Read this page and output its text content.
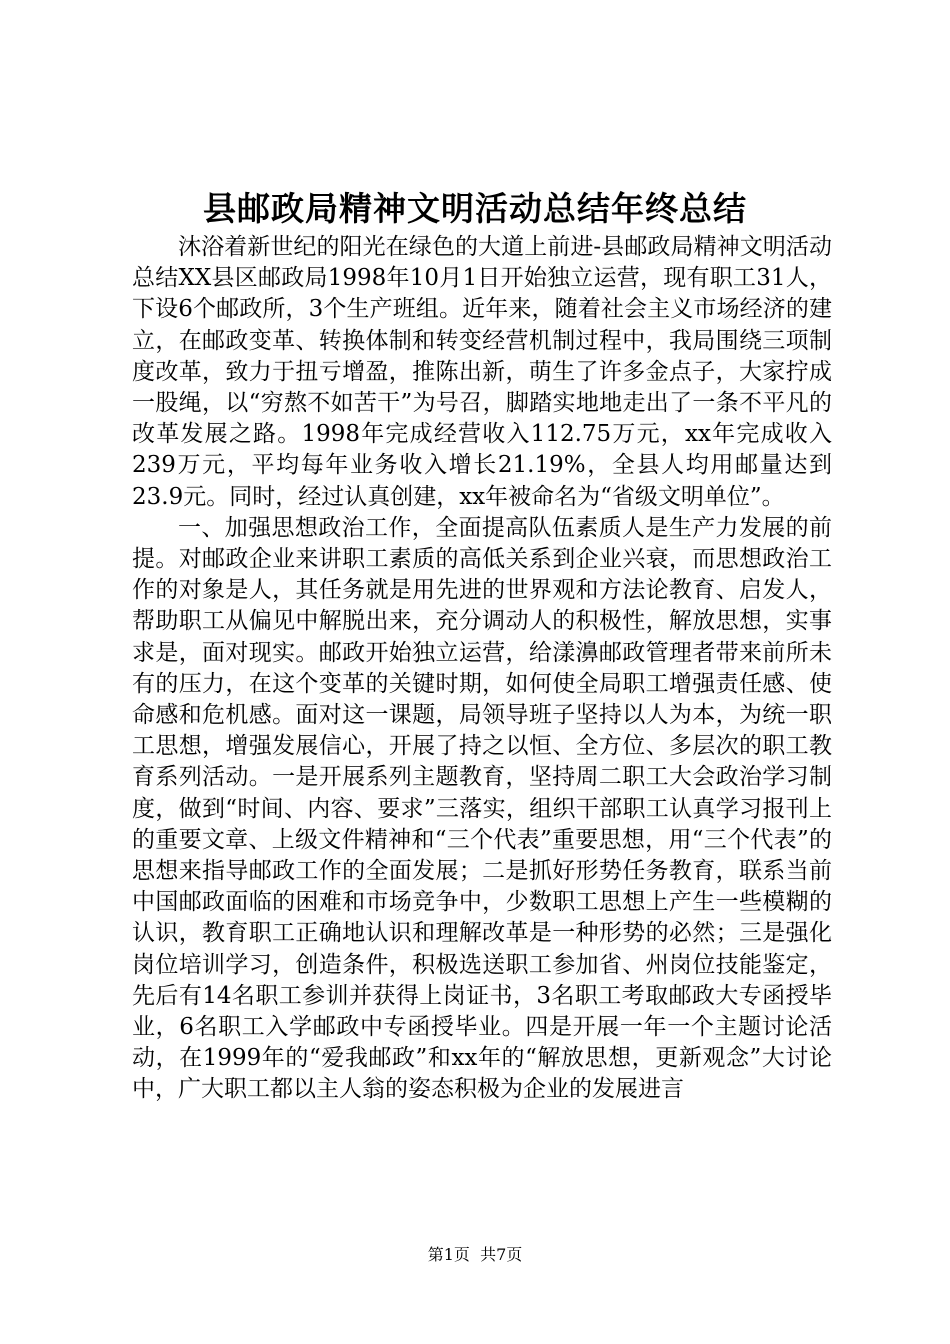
县邮政局精神文明活动总结年终总结

沐浴着新世纪的阳光在绿色的大道上前进-县邮政局精神文明活动总结XX县区邮政局1998年10月1日开始独立运营，现有职工31人，下设6个邮政所，3个生产班组。近年来，随着社会主义市场经济的建立，在邮政变革、转换体制和转变经营机制过程中，我局围绕三项制度改革，致力于扭亏增盈，推陈出新，萌生了许多金点子，大家拧成一股绳，以“穷熬不如苦干”为号召，脚踏实地地走出了一条不平凡的改革发展之路。1998年完成经营收入112.75万元，xx年完成收入239万元，平均每年业务收入增长21.19%，全县人均用邮量达到23.9元。同时，经过认真创建，xx年被命名为“省级文明单位”。

一、加强思想政治工作，全面提高队伍素质人是生产力发展的前提。对邮政企业来讲职工素质的高低关系到企业兴衰，而思想政治工作的对象是人，其任务就是用先进的世界观和方法论教育、启发人，帮助职工从偏见中解脱出来，充分调动人的积极性，解放思想，实事求是，面对现实。邮政开始独立运营，给漾濞邮政管理者带来前所未有的压力，在这个变革的关键时期，如何使全局职工增强责任感、使命感和危机感。面对这一课题，局领导班子坚持以人为本，为统一职工思想，增强发展信心，开展了持之以恒、全方位、多层次的职工教育系列活动。一是开展系列主题教育，坚持周二职工大会政治学习制度，做到“时间、内容、要求”三落实，组织干部职工认真学习报刊上的重要文章、上级文件精神和“三个代表”重要思想，用“三个代表”的思想来指导邮政工作的全面发展；二是抓好形势任务教育，联系当前中国邮政面临的困难和市场竞争中，少数职工思想上产生一些模糊的认识，教育职工正确地认识和理解改革是一种形势的必然；三是强化岗位培训学习，创造条件，积极选送职工参加省、州岗位技能鉴定，先后有14名职工参训并获得上岗证书，3名职工考取邮政大专函授毕业，6名职工入学邮政中专函授毕业。四是开展一年一个主题讨论活动，在1999年的“爱我邮政”和xx年的“解放思想，更新观念”大讨论中，广大职工都以主人翁的姿态积极为企业的发展进言

第1页 共7页
